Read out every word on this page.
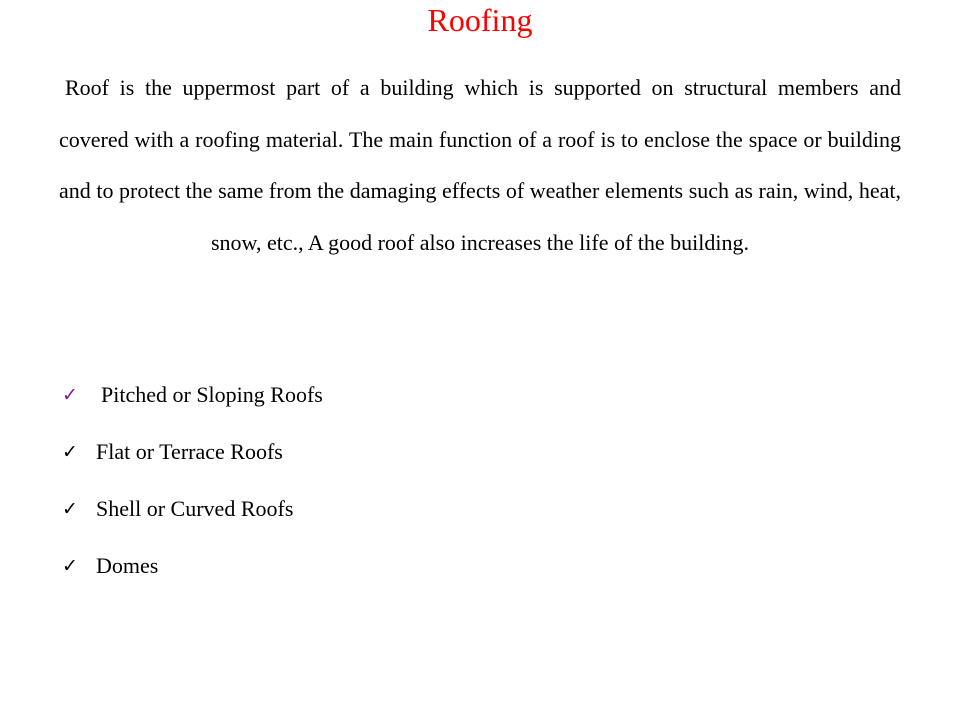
Roofing
Roof is the uppermost part of a building which is supported on structural members and covered with a roofing material. The main function of a roof is to enclose the space or building and to protect the same from the damaging effects of weather elements such as rain, wind, heat, snow, etc., A good roof also increases the life of the building.
✓	Pitched or Sloping Roofs
✓ Flat or Terrace Roofs
✓ Shell or Curved Roofs
✓ Domes
